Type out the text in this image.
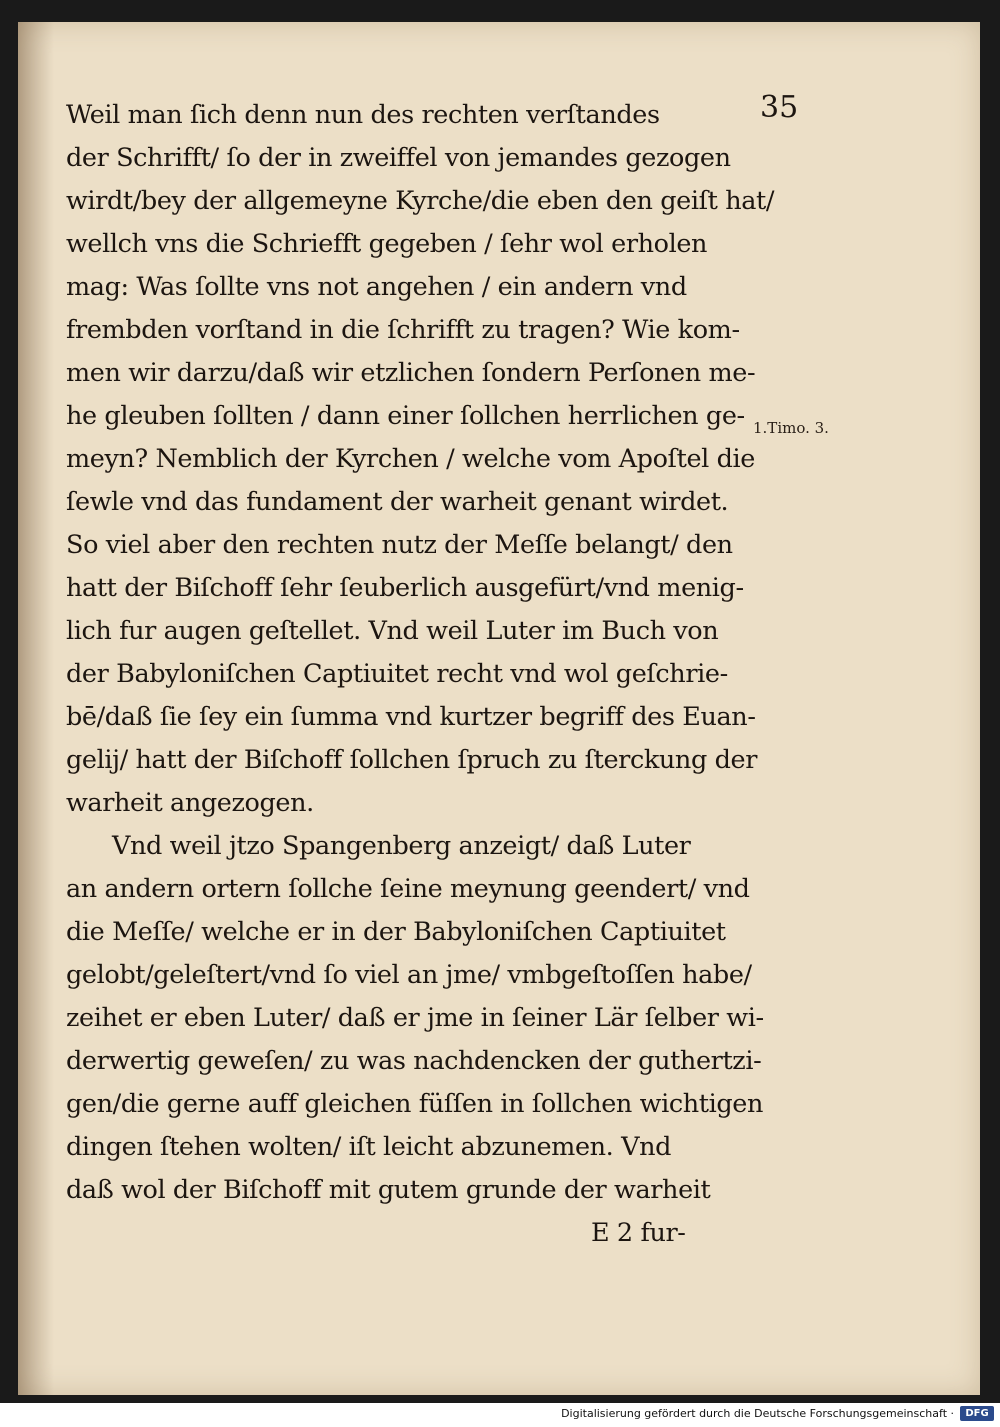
35
1.Timo. 3.
Weil man ſich denn nun des rechten verſtandes
der Schrifft/ ſo der in zweiffel von jemandes gezogen
wirdt/bey der allgemeyne Kyrche/die eben den geiſt hat/
wellch vns die Schriefft gegeben / ſehr wol erholen
mag: Was ſollte vns not angehen / ein andern vnd
frembden vorſtand in die ſchrifft zu tragen? Wie kom-
men wir darzu/daß wir etzlichen ſondern Perſonen me-
he gleuben ſollten / dann einer ſollchen herrlichen ge-
meyn? Nemblich der Kyrchen / welche vom Apoſtel die
ſewle vnd das fundament der warheit genant wirdet.
So viel aber den rechten nutz der Meſſe belangt/ den
hatt der Biſchoff ſehr ſeuberlich ausgefürt/vnd menig-
lich fur augen geſtellet. Vnd weil Luter im Buch von
der Babyloniſchen Captiuitet recht vnd wol geſchrie-
bē/daß ſie ſey ein ſumma vnd kurtzer begriff des Euan-
gelij/ hatt der Biſchoff ſollchen ſpruch zu ſterckung der
warheit angezogen.
Vnd weil jtzo Spangenberg anzeigt/ daß Luter
an andern ortern ſollche ſeine meynung geendert/ vnd
die Meſſe/ welche er in der Babyloniſchen Captiuitet
gelobt/geleſtert/vnd ſo viel an jme/ vmbgeſtoſſen habe/
zeihet er eben Luter/ daß er jme in ſeiner Lär ſelber wi-
derwertig geweſen/ zu was nachdencken der guthertzi-
gen/die gerne auff gleichen füſſen in ſollchen wichtigen
dingen ſtehen wolten/ iſt leicht abzunemen. Vnd
daß wol der Biſchoff mit gutem grunde der warheit
E 2 fur-
Digitalisierung gefördert durch die Deutsche Forschungsgemeinschaft ·	DFG
